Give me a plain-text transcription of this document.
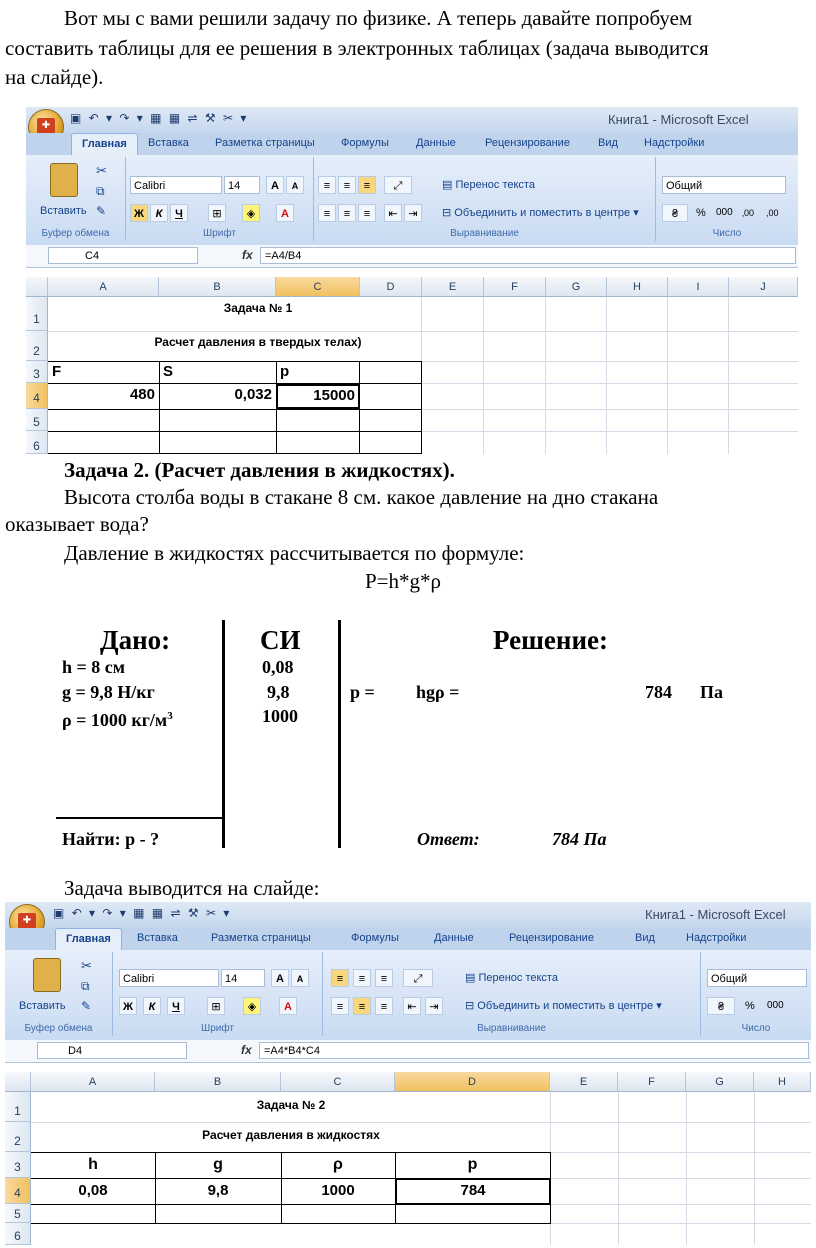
Вот мы с вами решили задачу по физике. А теперь давайте попробуем
составить таблицы для ее решения в электронных таблицах (задача выводится
на слайде).
▣ ↶ ▾ ↷ ▾ ▦ ▦ ⇌ ⚒ ✂ ▾	Книга1 - Microsoft Excel
✚
Главная	Вставка Разметка страницы Формулы Данные	Рецензирование	Вид Надстройки
Вставить
✂
⧉
✎
Буфер обмена
Calibri	14	A	A
Ж	К	Ч	⊞	◈	A
Шрифт
≡	≡	≡	⤢
≡	≡	≡	⇤ ⇥
▤ Перенос текста
⊟ Объединить и поместить в центре ▾
Выравнивание
Общий
₴	% 000 ‚00 ,00
Число
C4	fx	=A4/B4
A	B	C	D	E	F	G	H	I	J
1
2
3
4
5
6
Задача № 1
Расчет давления в твердых телах)
F	S	p
480	0,032	15000
Задача 2. (Расчет давления в жидкостях).
Высота столба воды в стакане 8 см. какое давление на дно стакана
оказывает вода?
Давление в жидкостях рассчитывается по формуле:
P=h*g*ρ
Дано:	СИ	Решение:
h = 8 см
g = 9,8 Н/кг
ρ = 1000 $кг/м^3$
0,08
9,8
1000
p = hgρ =	784 Па
Найти: p - ?	Ответ:	784 Па
Задача выводится на слайде:
▣ ↶ ▾ ↷ ▾ ▦ ▦ ⇌ ⚒ ✂ ▾	Книга1 - Microsoft Excel
✚
Главная	Вставка	Разметка страницы	Формулы	Данные	Рецензирование	Вид	Надстройки
Вставить
✂
⧉
✎
Буфер обмена
Calibri	14	A	A
Ж	К	Ч	⊞	◈	A
Шрифт
≡	≡	≡	⤢
≡	≡	≡	⇤	⇥
▤ Перенос текста
⊟ Объединить и поместить в центре ▾
Выравнивание
Общий
₴	% 000
Число
D4	fx	=A4*B4*C4
A	B	C	D	E	F	G	H
1
2
3
4
5
6
Задача № 2
Расчет давления в жидкостях
h	g	ρ	p
0,08	9,8	1000	784
